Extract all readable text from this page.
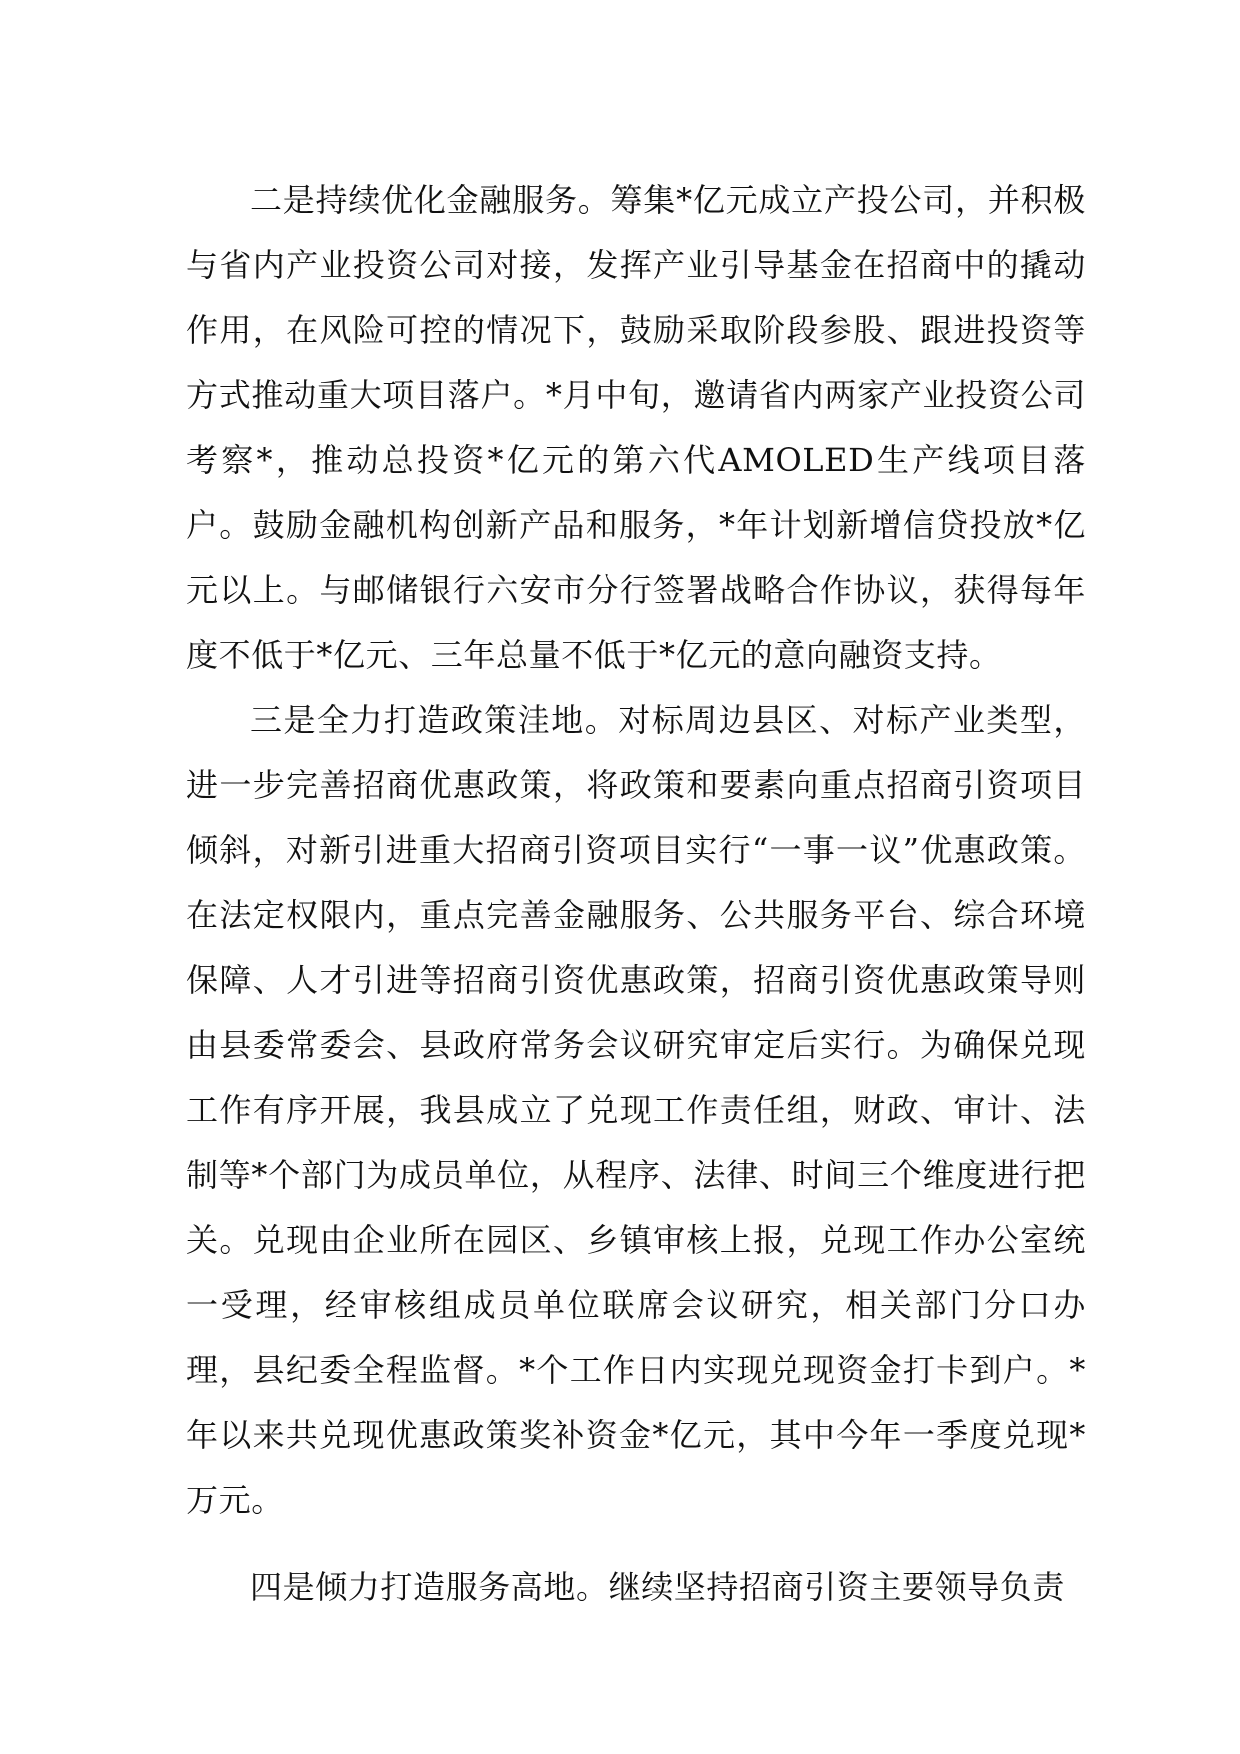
二是持续优化金融服务。筹集*亿元成立产投公司，并积极与省内产业投资公司对接，发挥产业引导基金在招商中的撬动作用，在风险可控的情况下，鼓励采取阶段参股、跟进投资等方式推动重大项目落户。*月中旬，邀请省内两家产业投资公司考察*，推动总投资*亿元的第六代AMOLED生产线项目落户。鼓励金融机构创新产品和服务，*年计划新增信贷投放*亿元以上。与邮储银行六安市分行签署战略合作协议，获得每年度不低于*亿元、三年总量不低于*亿元的意向融资支持。

三是全力打造政策洼地。对标周边县区、对标产业类型，进一步完善招商优惠政策，将政策和要素向重点招商引资项目倾斜，对新引进重大招商引资项目实行“一事一议”优惠政策。在法定权限内，重点完善金融服务、公共服务平台、综合环境保障、人才引进等招商引资优惠政策，招商引资优惠政策导则由县委常委会、县政府常务会议研究审定后实行。为确保兑现工作有序开展，我县成立了兑现工作责任组，财政、审计、法制等*个部门为成员单位，从程序、法律、时间三个维度进行把关。兑现由企业所在园区、乡镇审核上报，兑现工作办公室统一受理，经审核组成员单位联席会议研究，相关部门分口办理，县纪委全程监督。*个工作日内实现兑现资金打卡到户。*年以来共兑现优惠政策奖补资金*亿元，其中今年一季度兑现*万元。

四是倾力打造服务高地。继续坚持招商引资主要领导负责
